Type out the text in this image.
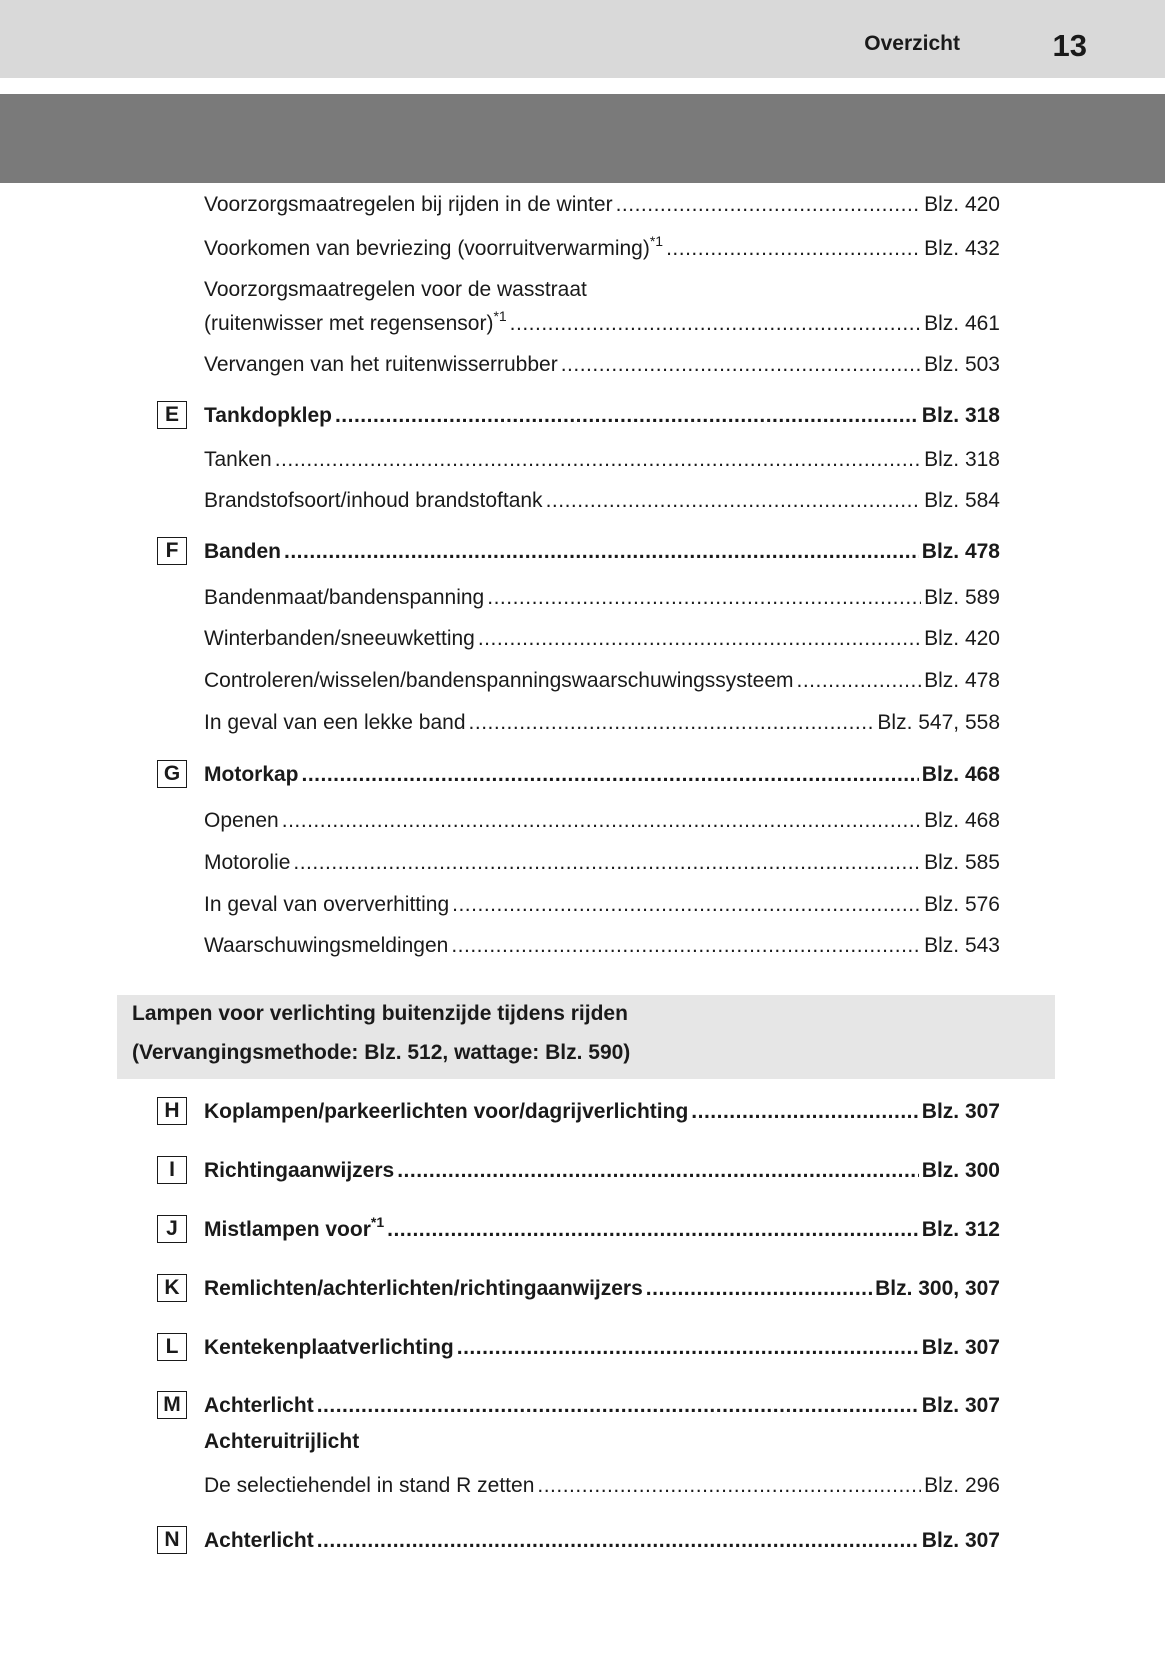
Overzicht	13
Voorzorgsmaatregelen bij rijden in de winter .....	Blz. 420
Voorkomen van bevriezing (voorruitverwarming)$^{*1}$ .....	Blz. 432
Voorzorgsmaatregelen voor de wasstraat
(ruitenwisser met regensensor)$^{*1}$ .....	Blz. 461
Vervangen van het ruitenwisserrubber .....	Blz. 503
E	Tankdopklep .....	Blz. 318
Tanken .....	Blz. 318
Brandstofsoort/inhoud brandstoftank .....	Blz. 584
F	Banden .....	Blz. 478
Bandenmaat/bandenspanning .....	Blz. 589
Winterbanden/sneeuwketting .....	Blz. 420
Controleren/wisselen/bandenspanningswaarschuwingssysteem .....	Blz. 478
In geval van een lekke band .....	Blz. 547, 558
G	Motorkap .....	Blz. 468
Openen .....	Blz. 468
Motorolie .....	Blz. 585
In geval van oververhitting .....	Blz. 576
Waarschuwingsmeldingen .....	Blz. 543
H	Koplampen/parkeerlichten voor/dagrijverlichting .....	Blz. 307
I	Richtingaanwijzers .....	Blz. 300
J	Mistlampen voor$^{*1}$ .....	Blz. 312
K	Remlichten/achterlichten/richtingaanwijzers .....	Blz. 300, 307
L	Kentekenplaatverlichting .....	Blz. 307
M Achterlicht .....	Blz. 307
Achteruitrijlicht
De selectiehendel in stand R zetten .....	Blz. 296
N	Achterlicht .....	Blz. 307
Lampen voor verlichting buitenzijde tijdens rijden
(Vervangingsmethode: Blz. 512, wattage: Blz. 590)
